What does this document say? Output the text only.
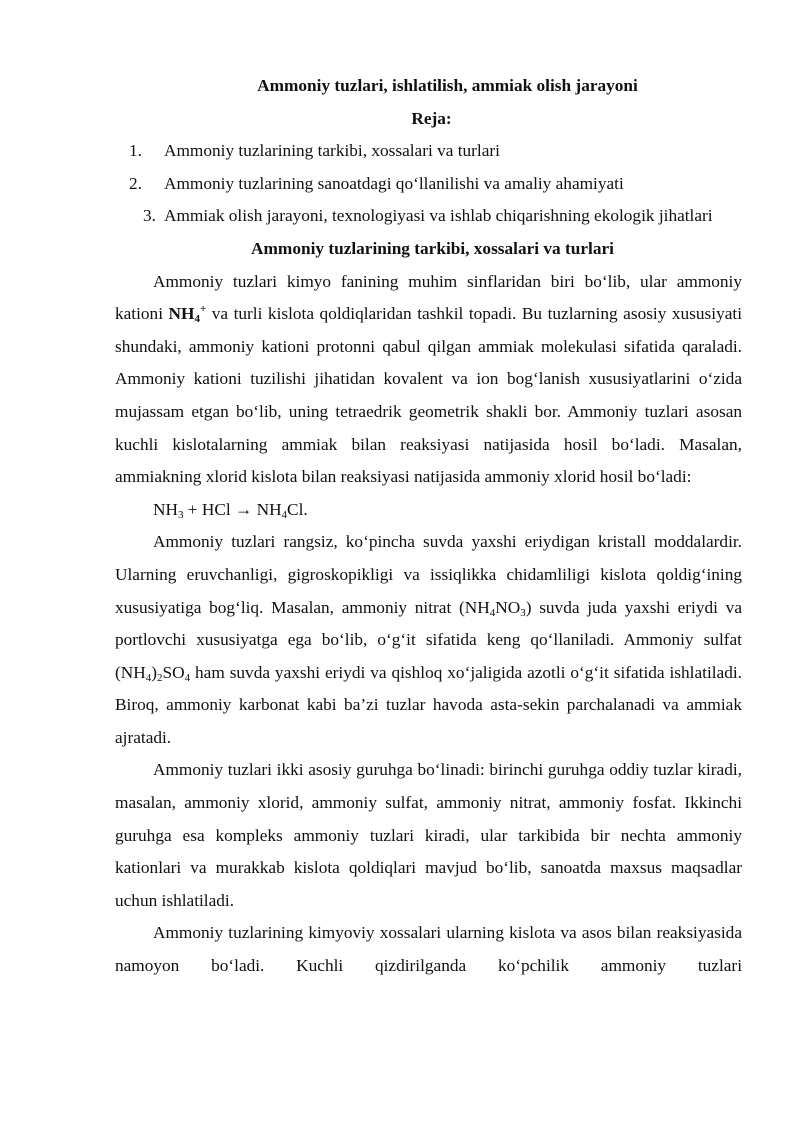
Ammoniy tuzlari, ishlatilish, ammiak olish jarayoni
Reja:
1. Ammoniy tuzlarining tarkibi, xossalari va turlari
2. Ammoniy tuzlarining sanoatdagi qo‘llanilishi va amaliy ahamiyati
3. Ammiak olish jarayoni, texnologiyasi va ishlab chiqarishning ekologik jihatlari
Ammoniy tuzlarining tarkibi, xossalari va turlari

Ammoniy tuzlari kimyo fanining muhim sinflaridan biri bo‘lib, ular ammoniy kationi $NH_4^+$ va turli kislota qoldiqlaridan tashkil topadi. Bu tuzlarning asosiy xususiyati shundaki, ammoniy kationi protonni qabul qilgan ammiak molekulasi sifatida qaraladi. Ammoniy kationi tuzilishi jihatidan kovalent va ion bog‘lanish xususiyatlarini o‘zida mujassam etgan bo‘lib, uning tetraedrik geometrik shakli bor. Ammoniy tuzlari asosan kuchli kislotalarning ammiak bilan reaksiyasi natijasida hosil bo‘ladi. Masalan, ammiakning xlorid kislota bilan reaksiyasi natijasida ammoniy xlorid hosil bo‘ladi:

$NH_3$ + HCl → $NH_4Cl$.

Ammoniy tuzlari rangsiz, ko‘pincha suvda yaxshi eriydigan kristall moddalardir. Ularning eruvchanligi, gigroskopikligi va issiqlikka chidamliligi kislota qoldig‘ining xususiyatiga bog‘liq. Masalan, ammoniy nitrat $(NH_4NO_3)$ suvda juda yaxshi eriydi va portlovchi xususiyatga ega bo‘lib, o‘g‘it sifatida keng qo‘llaniladi. Ammoniy sulfat $(NH_4)_2SO_4$ ham suvda yaxshi eriydi va qishloq xo‘jaligida azotli o‘g‘it sifatida ishlatiladi. Biroq, ammoniy karbonat kabi ba’zi tuzlar havoda asta-sekin parchalanadi va ammiak ajratadi.

Ammoniy tuzlari ikki asosiy guruhga bo‘linadi: birinchi guruhga oddiy tuzlar kiradi, masalan, ammoniy xlorid, ammoniy sulfat, ammoniy nitrat, ammoniy fosfat. Ikkinchi guruhga esa kompleks ammoniy tuzlari kiradi, ular tarkibida bir nechta ammoniy kationlari va murakkab kislota qoldiqlari mavjud bo‘lib, sanoatda maxsus maqsadlar uchun ishlatiladi.

Ammoniy tuzlarining kimyoviy xossalari ularning kislota va asos bilan reaksiyasida namoyon bo‘ladi. Kuchli qizdirilganda ko‘pchilik ammoniy tuzlari
